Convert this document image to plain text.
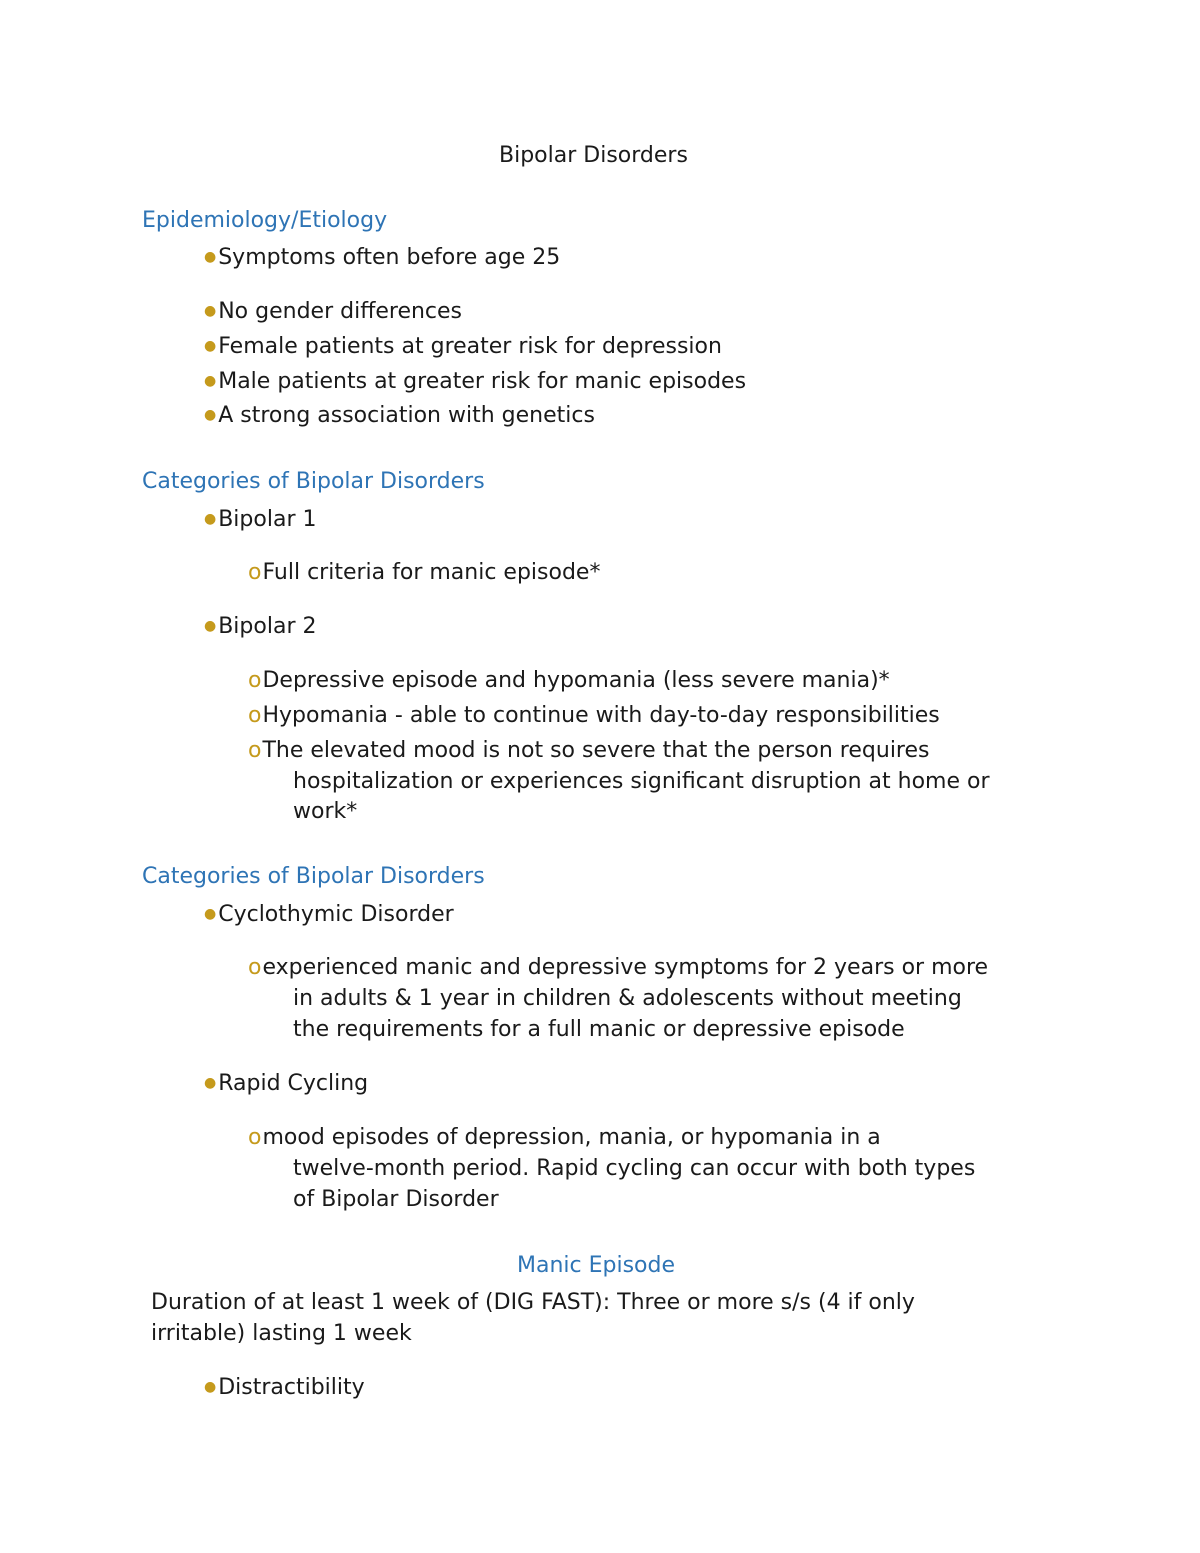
Bipolar Disorders
Epidemiology/Etiology
●Symptoms often before age 25
●No gender differences
●Female patients at greater risk for depression
●Male patients at greater risk for manic episodes
●A strong association with genetics
Categories of Bipolar Disorders
●Bipolar 1
oFull criteria for manic episode*
●Bipolar 2
oDepressive episode and hypomania (less severe mania)*
oHypomania - able to continue with day-to-day responsibilities
oThe elevated mood is not so severe that the person requires
hospitalization or experiences significant disruption at home or
work*
Categories of Bipolar Disorders
●Cyclothymic Disorder
oexperienced manic and depressive symptoms for 2 years or more
in adults & 1 year in children & adolescents without meeting
the requirements for a full manic or depressive episode
●Rapid Cycling
omood episodes of depression, mania, or hypomania in a
twelve-month period. Rapid cycling can occur with both types
of Bipolar Disorder
Manic Episode
Duration of at least 1 week of (DIG FAST): Three or more s/s (4 if only
irritable) lasting 1 week
●Distractibility
